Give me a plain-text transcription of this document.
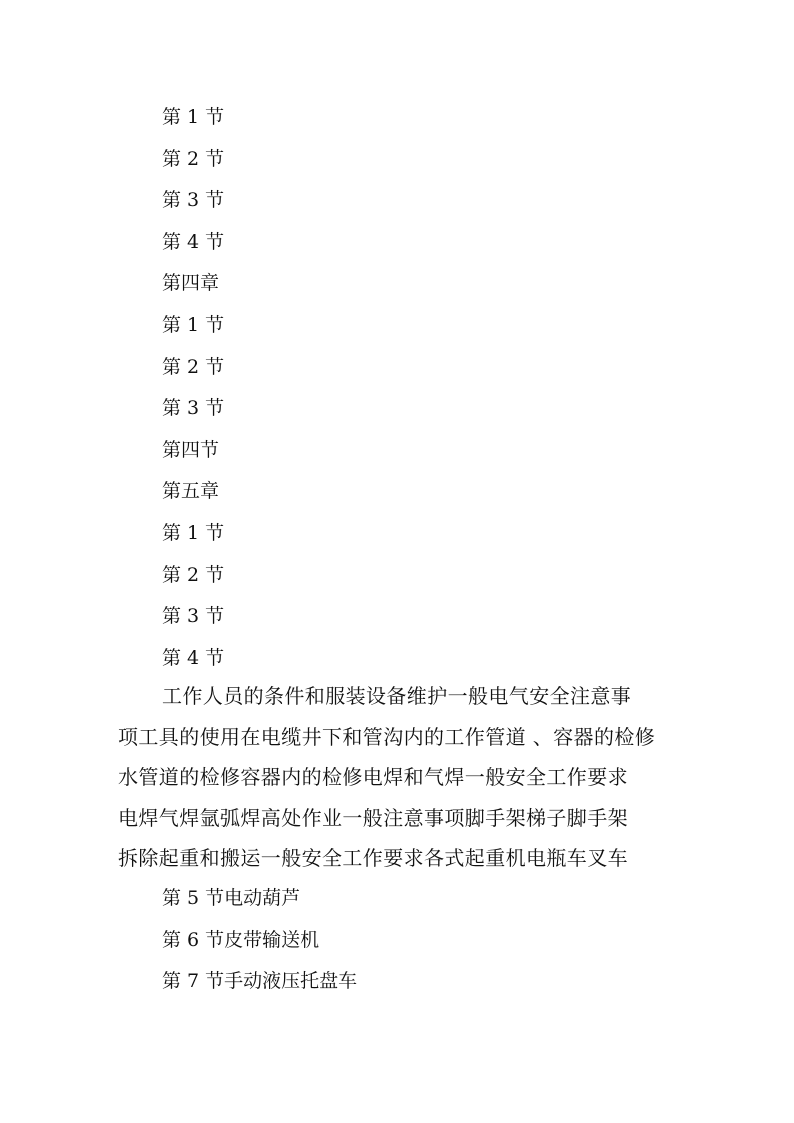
第 1 节
第 2 节
第 3 节
第 4 节
第四章
第 1 节
第 2 节
第 3 节
第四节
第五章
第 1 节
第 2 节
第 3 节
第 4 节

工作人员的条件和服装设备维护一般电气安全注意事
项工具的使用在电缆井下和管沟内的工作管道 、容器的检修
水管道的检修容器内的检修电焊和气焊一般安全工作要求
电焊气焊氩弧焊高处作业一般注意事项脚手架梯子脚手架
拆除起重和搬运一般安全工作要求各式起重机电瓶车叉车

第 5 节电动葫芦
第 6 节皮带输送机
第 7 节手动液压托盘车
